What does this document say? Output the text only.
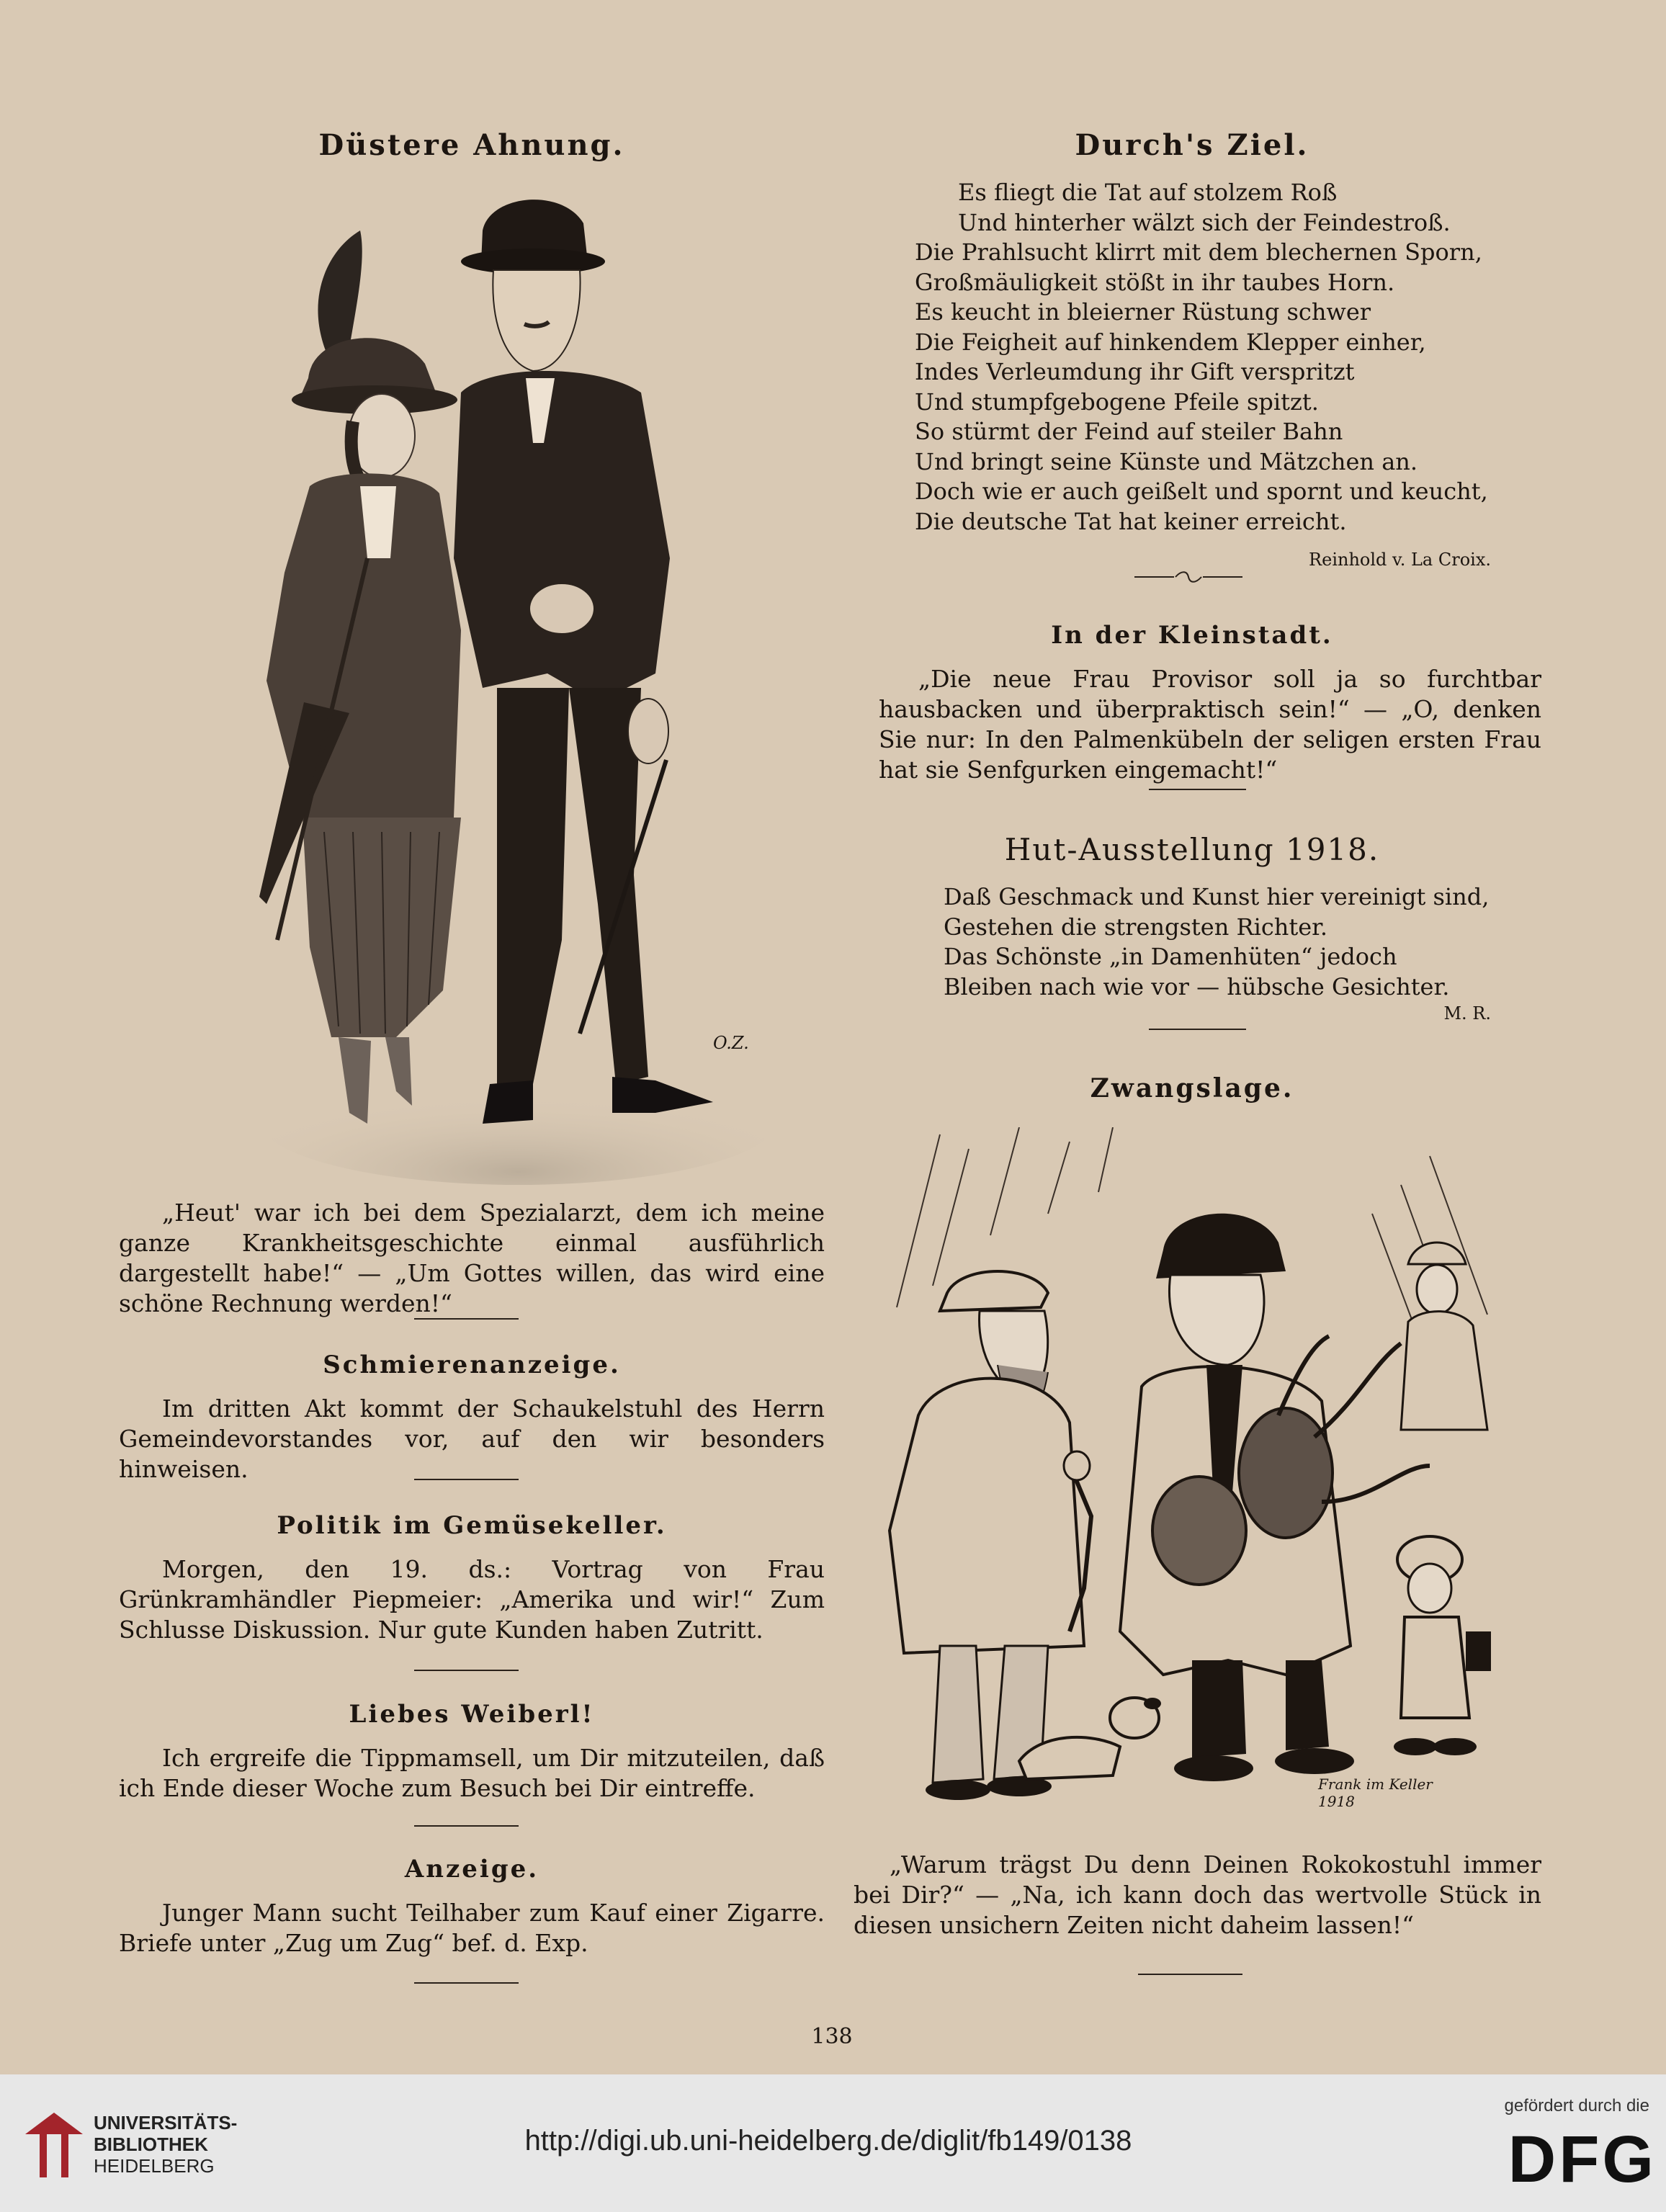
Düstere Ahnung.
O.Z.
„Heut' war ich bei dem Spezialarzt, dem ich meine ganze Krankheitsgeschichte einmal ausführlich dargestellt habe!“ — „Um Gottes willen, das wird eine schöne Rechnung werden!“
Schmierenanzeige.
Im dritten Akt kommt der Schaukelstuhl des Herrn Gemeindevorstandes vor, auf den wir besonders hinweisen.
Politik im Gemüsekeller.
Morgen, den 19. ds.: Vortrag von Frau Grünkramhändler Piepmeier: „Amerika und wir!“ Zum Schlusse Diskussion. Nur gute Kunden haben Zutritt.
Liebes Weiberl!
Ich ergreife die Tippmamsell, um Dir mitzuteilen, daß ich Ende dieser Woche zum Besuch bei Dir eintreffe.
Anzeige.
Junger Mann sucht Teilhaber zum Kauf einer Zigarre. Briefe unter „Zug um Zug“ bef. d. Exp.
Durch's Ziel.
Es fliegt die Tat auf stolzem Roß
Und hinterher wälzt sich der Feindestroß.
Die Prahlsucht klirrt mit dem blechernen Sporn,
Großmäuligkeit stößt in ihr taubes Horn.
Es keucht in bleierner Rüstung schwer
Die Feigheit auf hinkendem Klepper einher,
Indes Verleumdung ihr Gift verspritzt
Und stumpfgebogene Pfeile spitzt.
So stürmt der Feind auf steiler Bahn
Und bringt seine Künste und Mätzchen an.
Doch wie er auch geißelt und spornt und keucht,
Die deutsche Tat hat keiner erreicht.
Reinhold v. La Croix.
In der Kleinstadt.
„Die neue Frau Provisor soll ja so furchtbar hausbacken und überpraktisch sein!“ — „O, denken Sie nur: In den Palmenkübeln der seligen ersten Frau hat sie Senfgurken eingemacht!“
Hut-Ausstellung 1918.
Daß Geschmack und Kunst hier vereinigt sind,
Gestehen die strengsten Richter.
Das Schönste „in Damenhüten“ jedoch
Bleiben nach wie vor — hübsche Gesichter.
M. R.
Zwangslage.
Frank im Keller 1918
„Warum trägst Du denn Deinen Rokokostuhl immer bei Dir?“ — „Na, ich kann doch das wertvolle Stück in diesen unsichern Zeiten nicht daheim lassen!“
138
UNIVERSITÄTS-
BIBLIOTHEK
HEIDELBERG
http://digi.ub.uni-heidelberg.de/diglit/fb149/0138
gefördert durch die
DFG
